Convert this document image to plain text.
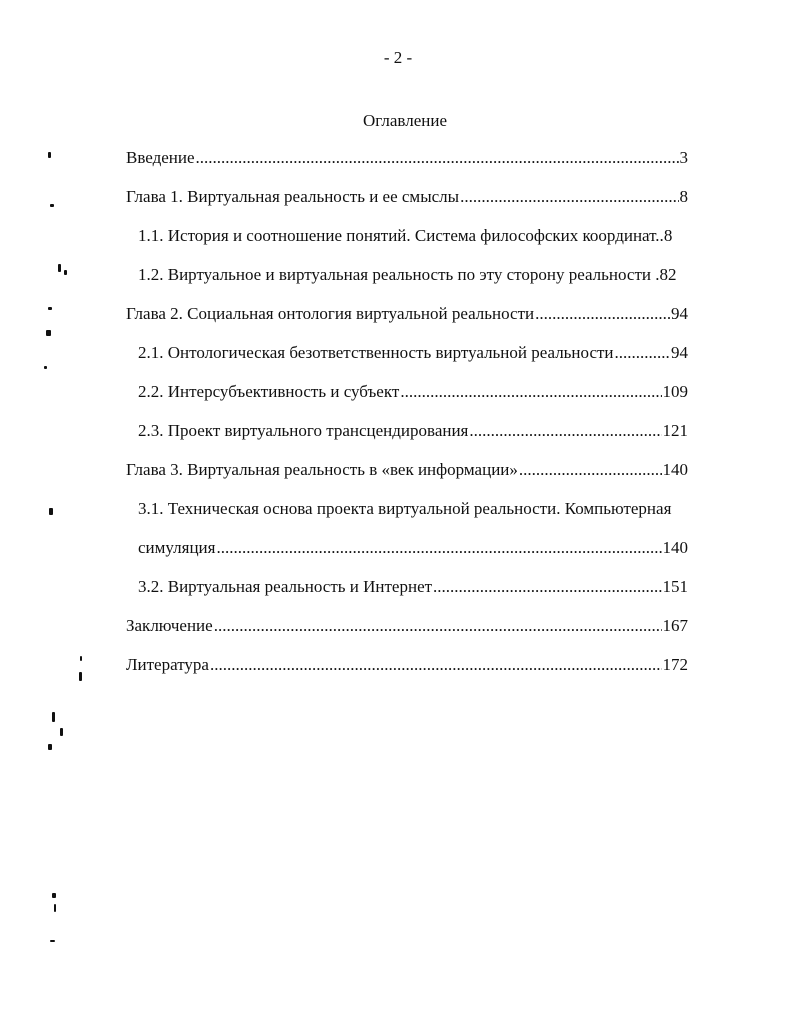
- 2 -
Оглавление
Введение .....	3
Глава 1. Виртуальная реальность и ее смыслы .....	8
1.1. История и соотношение понятий. Система философских координат.. 8
1.2. Виртуальное и виртуальная реальность по эту сторону реальности . 82
Глава 2. Социальная онтология виртуальной реальности .....	94
2.1. Онтологическая безответственность виртуальной реальности .....	94
2.2. Интерсубъективность и субъект .....	109
2.3. Проект виртуального трансцендирования .....	121
Глава 3. Виртуальная реальность в «век информации» .....	140
3.1. Техническая основа проекта виртуальной реальности. Компьютерная
симуляция .....	140
3.2. Виртуальная реальность и Интернет .....	151
Заключение .....	167
Литература .....	172
